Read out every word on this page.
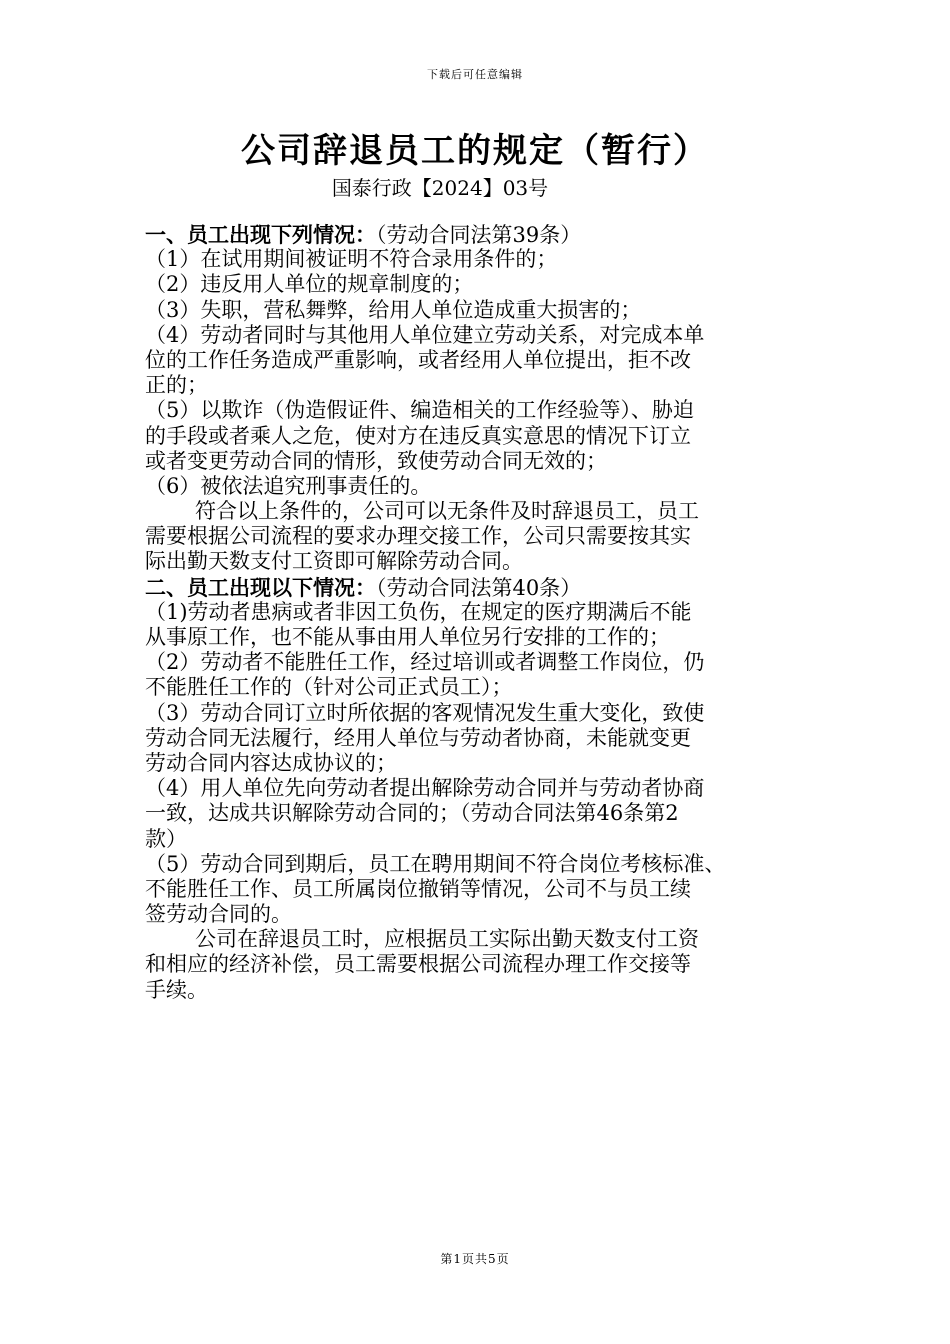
下载后可任意编辑
公司辞退员工的规定（暂行）
国泰行政【2024】03号
一、员工出现下列情况：（劳动合同法第39条）
（1）在试用期间被证明不符合录用条件的；
（2）违反用人单位的规章制度的；
（3）失职，营私舞弊，给用人单位造成重大损害的；
（4）劳动者同时与其他用人单位建立劳动关系，对完成本单
位的工作任务造成严重影响，或者经用人单位提出，拒不改
正的；
（5）以欺诈（伪造假证件、编造相关的工作经验等）、胁迫
的手段或者乘人之危，使对方在违反真实意思的情况下订立
或者变更劳动合同的情形，致使劳动合同无效的；
（6）被依法追究刑事责任的。
符合以上条件的，公司可以无条件及时辞退员工，员工
需要根据公司流程的要求办理交接工作，公司只需要按其实
际出勤天数支付工资即可解除劳动合同。
二、员工出现以下情况：（劳动合同法第40条）
（1)劳动者患病或者非因工负伤，在规定的医疗期满后不能
从事原工作，也不能从事由用人单位另行安排的工作的；
（2）劳动者不能胜任工作，经过培训或者调整工作岗位，仍
不能胜任工作的（针对公司正式员工）；
（3）劳动合同订立时所依据的客观情况发生重大变化，致使
劳动合同无法履行，经用人单位与劳动者协商，未能就变更
劳动合同内容达成协议的；
（4）用人单位先向劳动者提出解除劳动合同并与劳动者协商
一致，达成共识解除劳动合同的；（劳动合同法第46条第2
款）
（5）劳动合同到期后，员工在聘用期间不符合岗位考核标准、
不能胜任工作、员工所属岗位撤销等情况，公司不与员工续
签劳动合同的。
公司在辞退员工时，应根据员工实际出勤天数支付工资
和相应的经济补偿，员工需要根据公司流程办理工作交接等
手续。
第1页共5页
